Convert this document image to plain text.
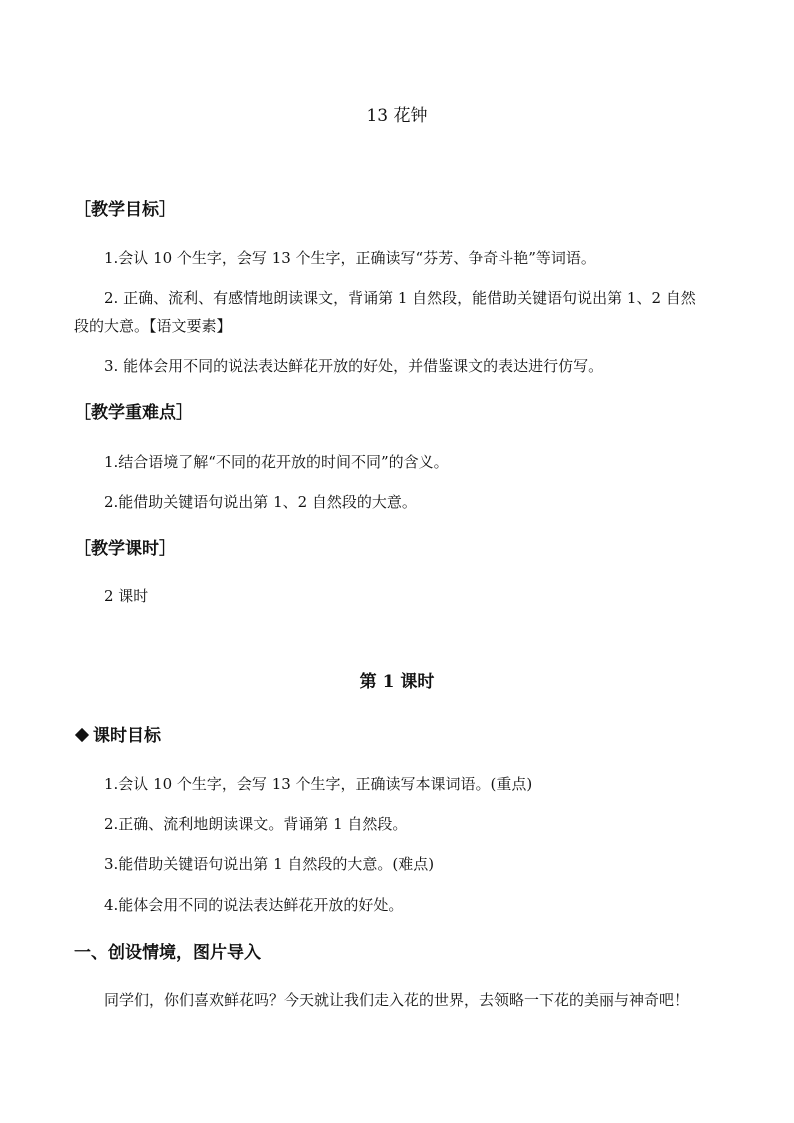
13 花钟
［教学目标］
1.会认 10 个生字，会写 13 个生字，正确读写“芬芳、争奇斗艳”等词语。
2. 正确、流利、有感情地朗读课文，背诵第 1 自然段，能借助关键语句说出第 1、2 自然
段的大意。【语文要素】
3. 能体会用不同的说法表达鲜花开放的好处，并借鉴课文的表达进行仿写。
［教学重难点］
1.结合语境了解“不同的花开放的时间不同”的含义。
2.能借助关键语句说出第 1、2 自然段的大意。
［教学课时］
2 课时
第 1 课时
课时目标
1.会认 10 个生字，会写 13 个生字，正确读写本课词语。(重点)
2.正确、流利地朗读课文。背诵第 1 自然段。
3.能借助关键语句说出第 1 自然段的大意。(难点)
4.能体会用不同的说法表达鲜花开放的好处。
一、创设情境，图片导入
同学们，你们喜欢鲜花吗？今天就让我们走入花的世界，去领略一下花的美丽与神奇吧！
